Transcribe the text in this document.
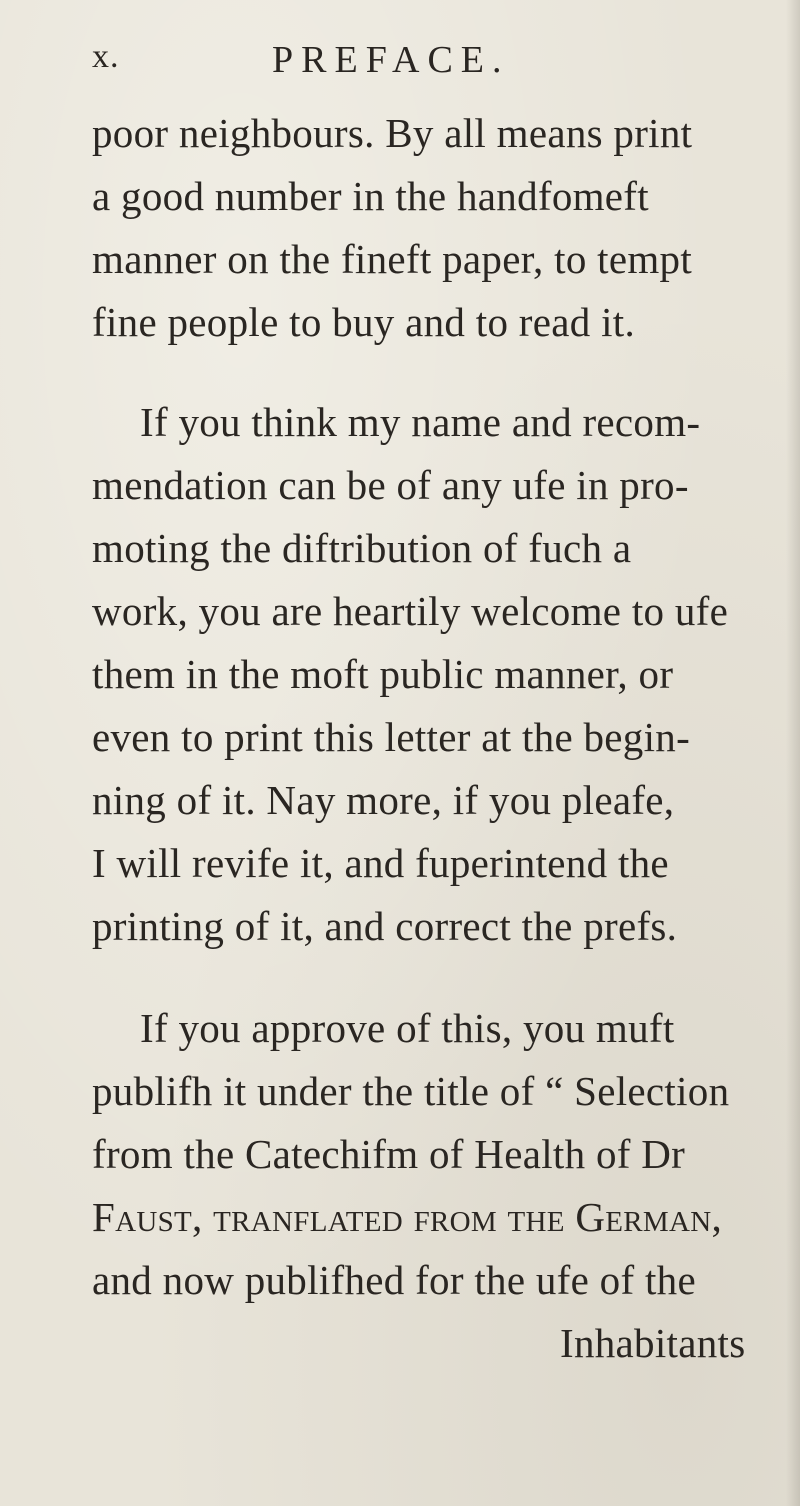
x.	PREFACE.
poor neighbours. By all means print
a good number in the handfomeft
manner on the fineft paper, to tempt
fine people to buy and to read it.
If you think my name and recom-
mendation can be of any ufe in pro-
moting the diftribution of fuch a
work, you are heartily welcome to ufe
them in the moft public manner, or
even to print this letter at the begin-
ning of it. Nay more, if you pleafe,
I will revife it, and fuperintend the
printing of it, and correct the prefs.
If you approve of this, you muft
publifh it under the title of “ Selection
from the Catechifm of Health of Dr
Faust, tranflated from the German,
and now publifhed for the ufe of the
Inhabitants
